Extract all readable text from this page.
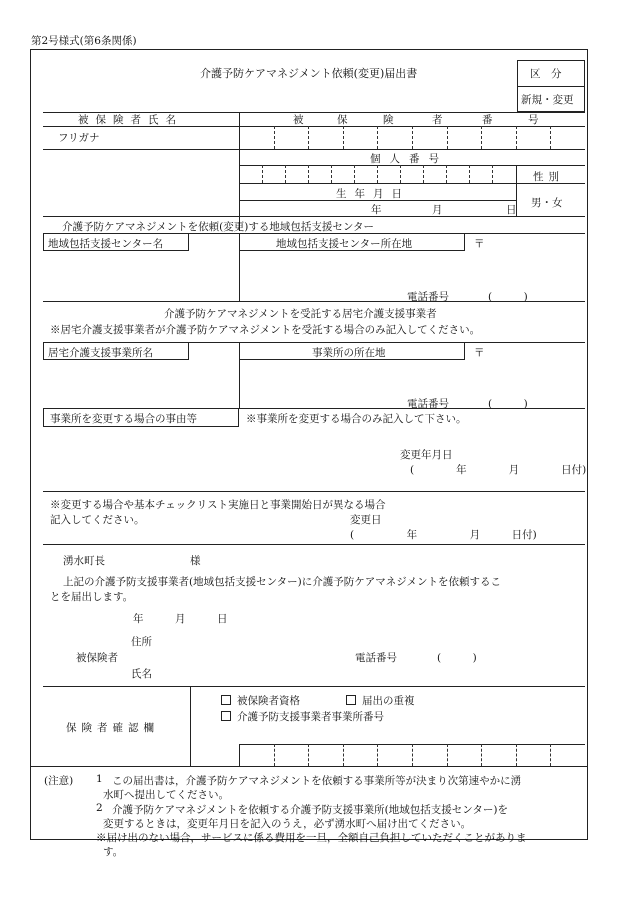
第2号様式(第6条関係)
介護予防ケアマネジメント依頼(変更)届出書	区　分
新規・変更
被保険者氏名	被	保	険	者	番	号
フリガナ
個人番号
性別
生年月日
年	月	日
男・女
介護予防ケアマネジメントを依頼(変更)する地域包括支援センター
地域包括支援センター名	地域包括支援センター所在地	〒
電話番号	(　　　)
介護予防ケアマネジメントを受託する居宅介護支援事業者
※居宅介護支援事業者が介護予防ケアマネジメントを受託する場合のみ記入してください。
居宅介護支援事業所名	事業所の所在地	〒
電話番号	(　　　)
事業所を変更する場合の事由等	※事業所を変更する場合のみ記入して下さい。
変更年月日
(　　　　年　　　　月　　　　日付)
※変更する場合や基本チェックリスト実施日と事業開始日が異なる場合
記入してください。	変更日
(　　　　　年　　　　　月　　　日付)
湧水町長	様
上記の介護予防支援事業者(地域包括支援センター)に介護予防ケアマネジメントを依頼するこ
とを届出します。
年　　　月　　　日
住所
被保険者
氏名
電話番号	(　　　)
保険者確認欄
被保険者資格	届出の重複
介護予防支援事業者事業所番号
(注意) 1 この届出書は，介護予防ケアマネジメントを依頼する事業所等が決まり次第速やかに湧
水町へ提出してください。
2 介護予防ケアマネジメントを依頼する介護予防支援事業所(地域包括支援センター)を
変更するときは，変更年月日を記入のうえ，必ず湧水町へ届け出てください。
※届け出のない場合，サービスに係る費用を一旦，全額自己負担していただくことがありま
す。
